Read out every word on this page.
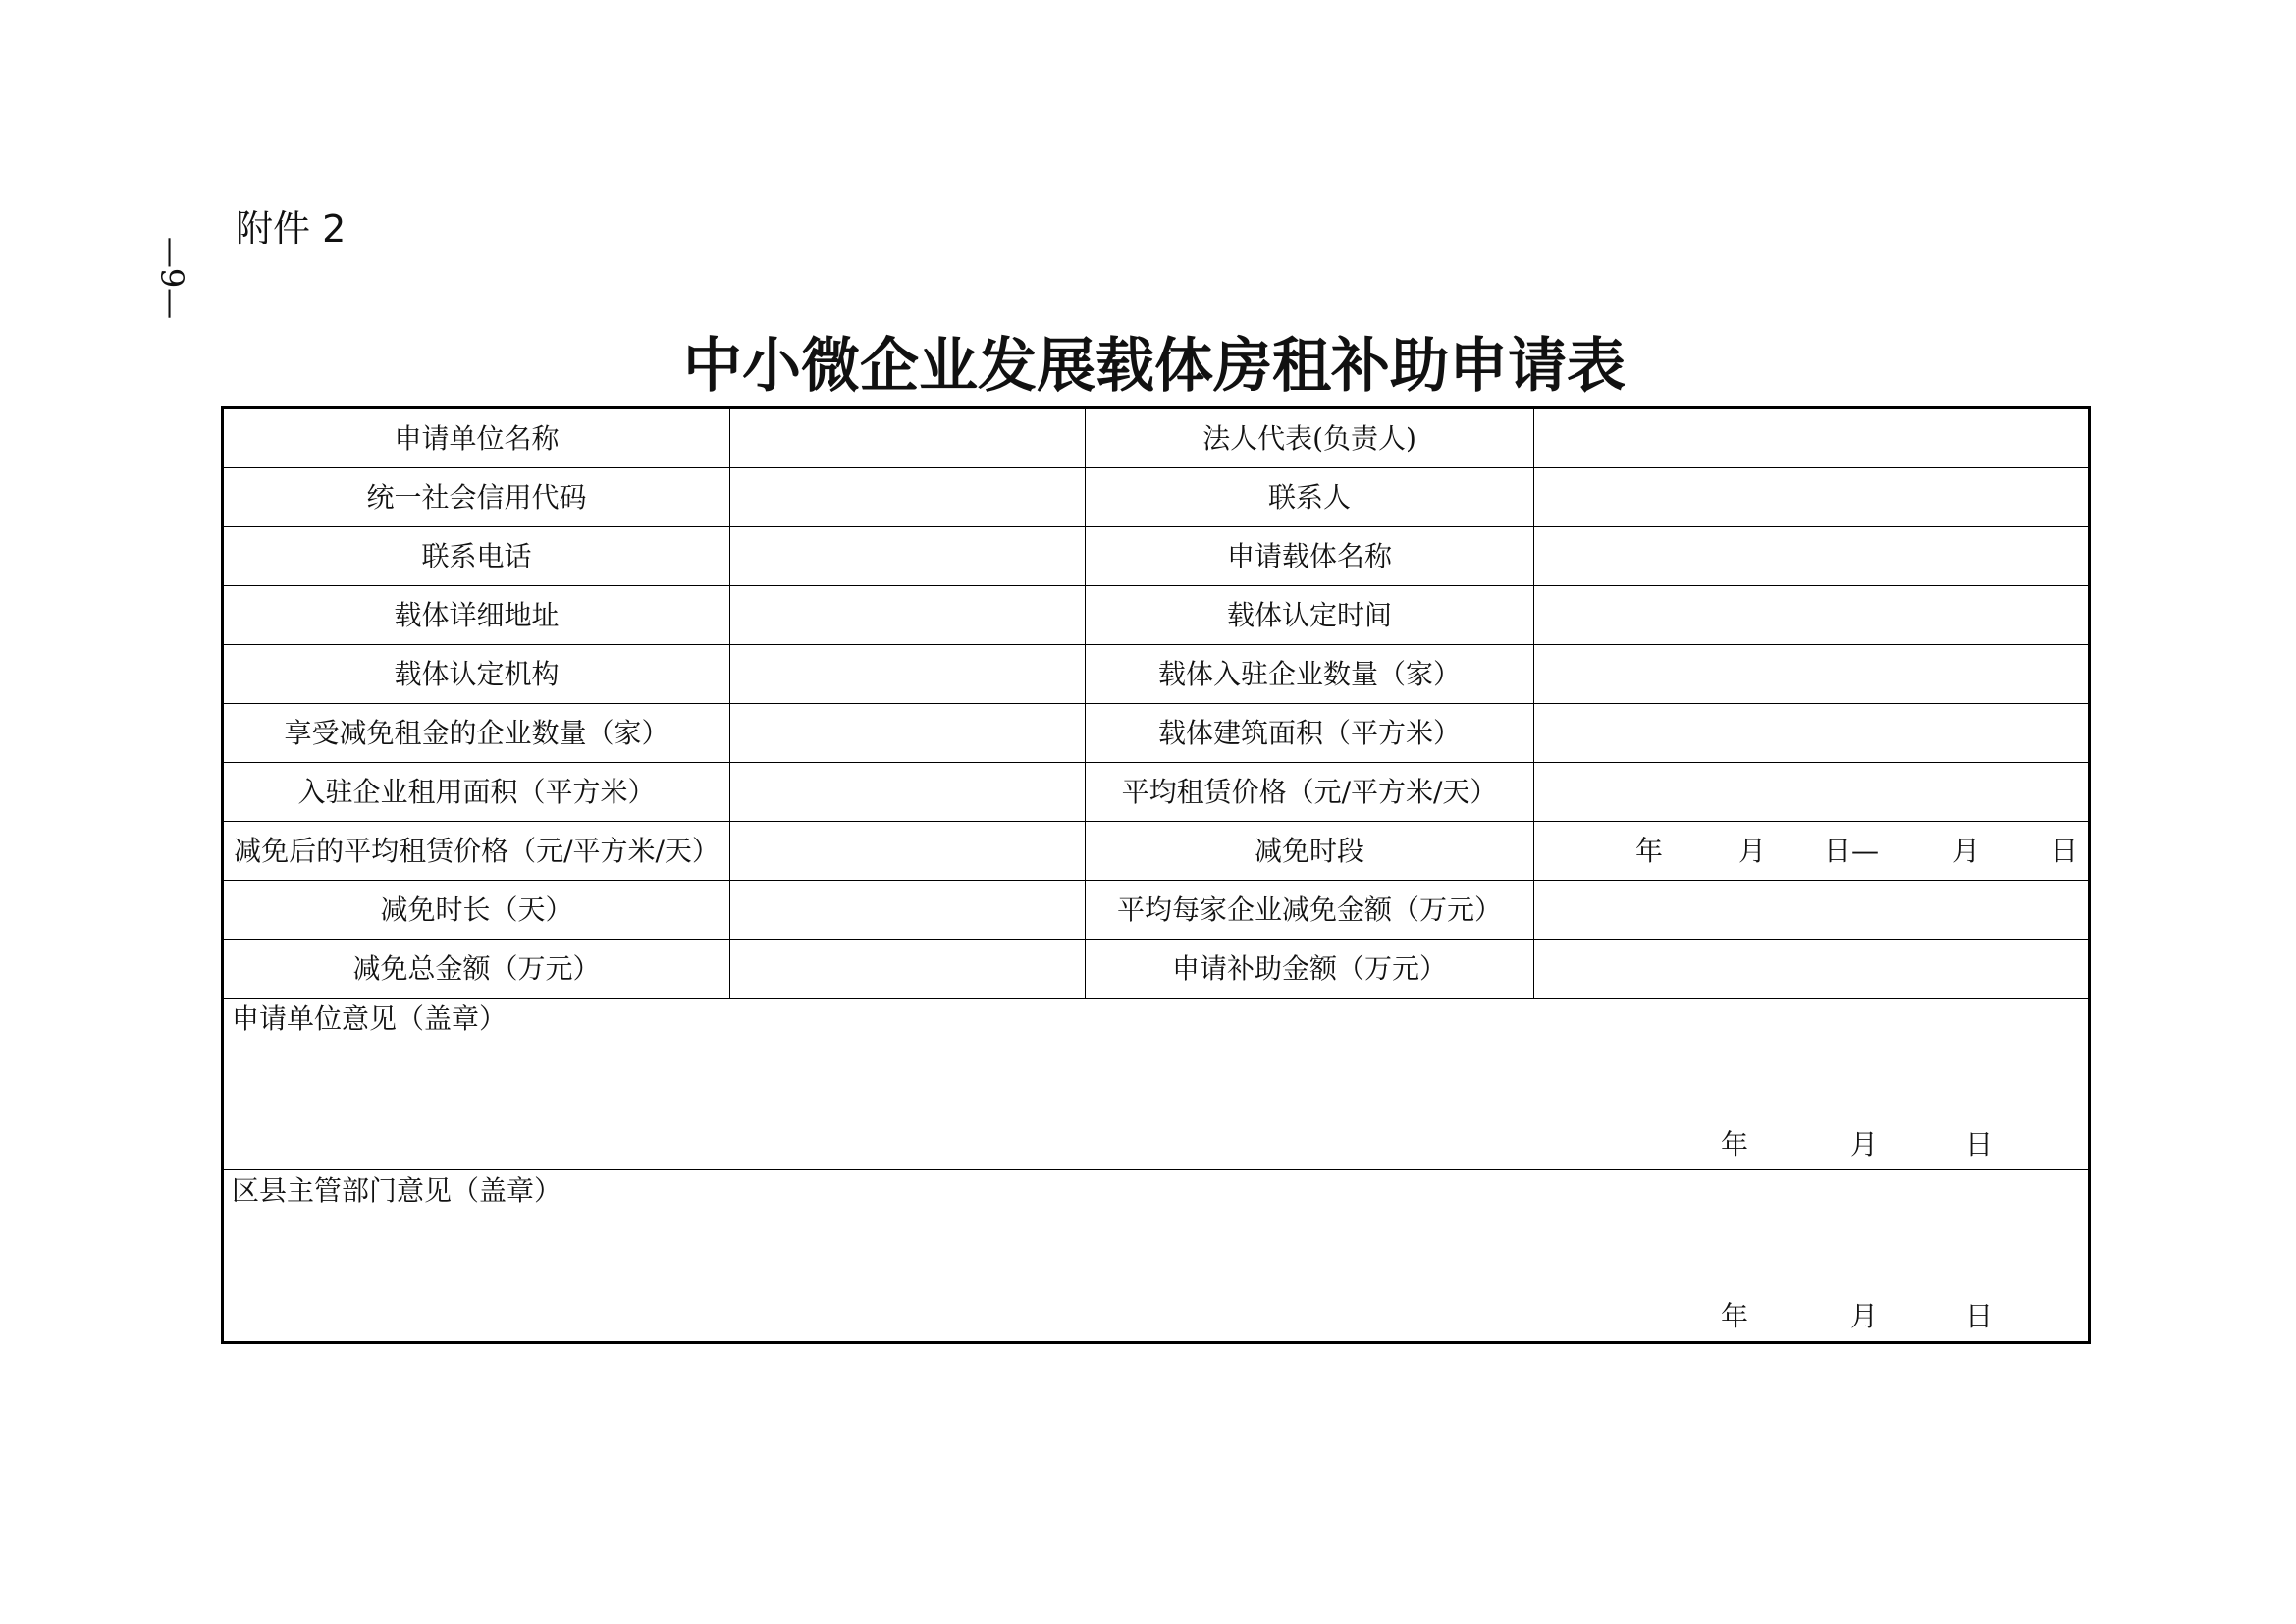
附件 2
—9—
中小微企业发展载体房租补助申请表
申请单位名称		法人代表(负责人)	
统一社会信用代码		联系人	
联系电话		申请载体名称	
载体详细地址		载体认定时间	
载体认定机构		载体入驻企业数量（家）	
享受减免租金的企业数量（家）		载体建筑面积（平方米）	
入驻企业租用面积（平方米）		平均租赁价格（元/平方米/天）	
减免后的平均租赁价格（元/平方米/天）		减免时段	年 月 日— 月 日

减免时长（天）		平均每家企业减免金额（万元）	
减免总金额（万元）		申请补助金额（万元）	

申请单位意见（盖章）
年 月 日			

区县主管部门意见（盖章）
年 月 日			
